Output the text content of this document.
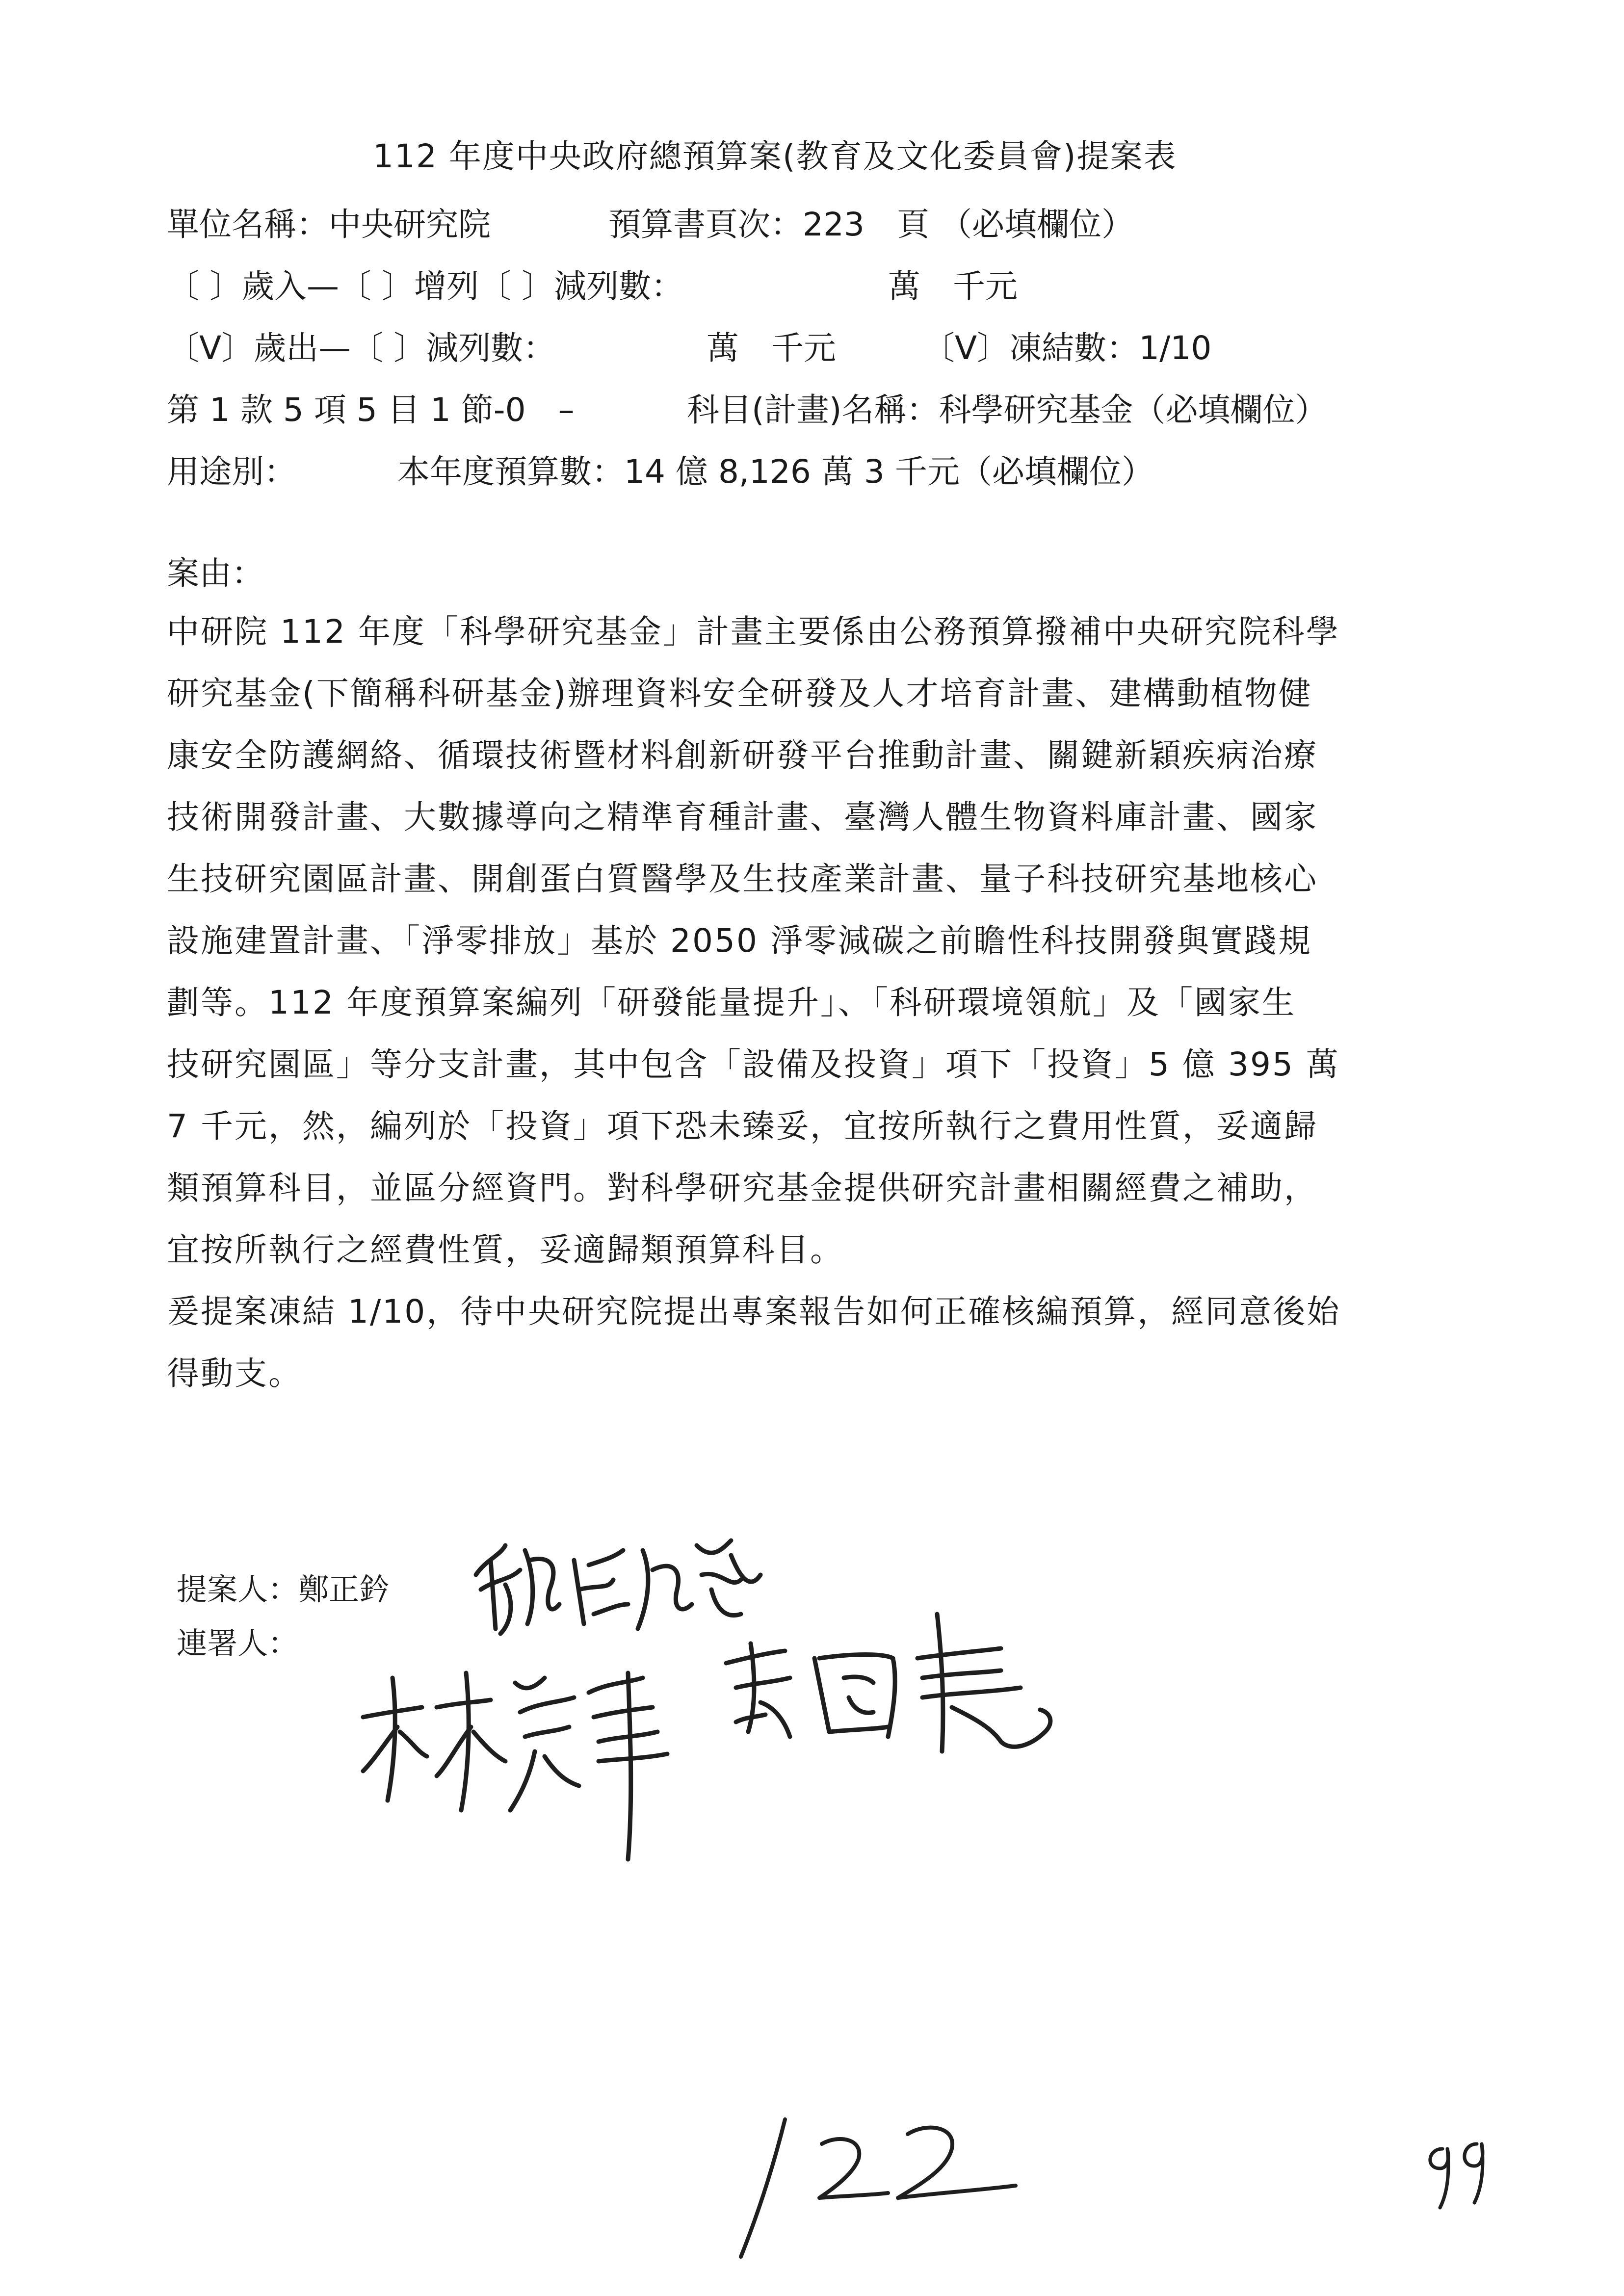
112 年度中央政府總預算案(教育及文化委員會)提案表
單位名稱：中央研究院	預算書頁次：223　頁 （必填欄位）
〔 〕歲入—〔 〕增列〔 〕減列數：	萬　千元
〔V〕歲出—〔 〕減列數：	萬　千元	〔V〕凍結數：1/10
第 1 款 5 項 5 目 1 節-0　–	科目(計畫)名稱：科學研究基金（必填欄位）
用途別：	本年度預算數：14 億 8,126 萬 3 千元（必填欄位）
案由：
中研院 112 年度「科學研究基金」計畫主要係由公務預算撥補中央研究院科學
研究基金(下簡稱科研基金)辦理資料安全研發及人才培育計畫、建構動植物健
康安全防護網絡、循環技術暨材料創新研發平台推動計畫、關鍵新穎疾病治療
技術開發計畫、大數據導向之精準育種計畫、臺灣人體生物資料庫計畫、國家
生技研究園區計畫、開創蛋白質醫學及生技產業計畫、量子科技研究基地核心
設施建置計畫、「淨零排放」基於 2050 淨零減碳之前瞻性科技開發與實踐規
劃等。112 年度預算案編列「研發能量提升」、「科研環境領航」及「國家生
技研究園區」等分支計畫，其中包含「設備及投資」項下「投資」5 億 395 萬
7 千元，然，編列於「投資」項下恐未臻妥，宜按所執行之費用性質，妥適歸
類預算科目，並區分經資門。對科學研究基金提供研究計畫相關經費之補助，
宜按所執行之經費性質，妥適歸類預算科目。
爰提案凍結 1/10，待中央研究院提出專案報告如何正確核編預算，經同意後始
得動支。
提案人：鄭正鈐
連署人：
